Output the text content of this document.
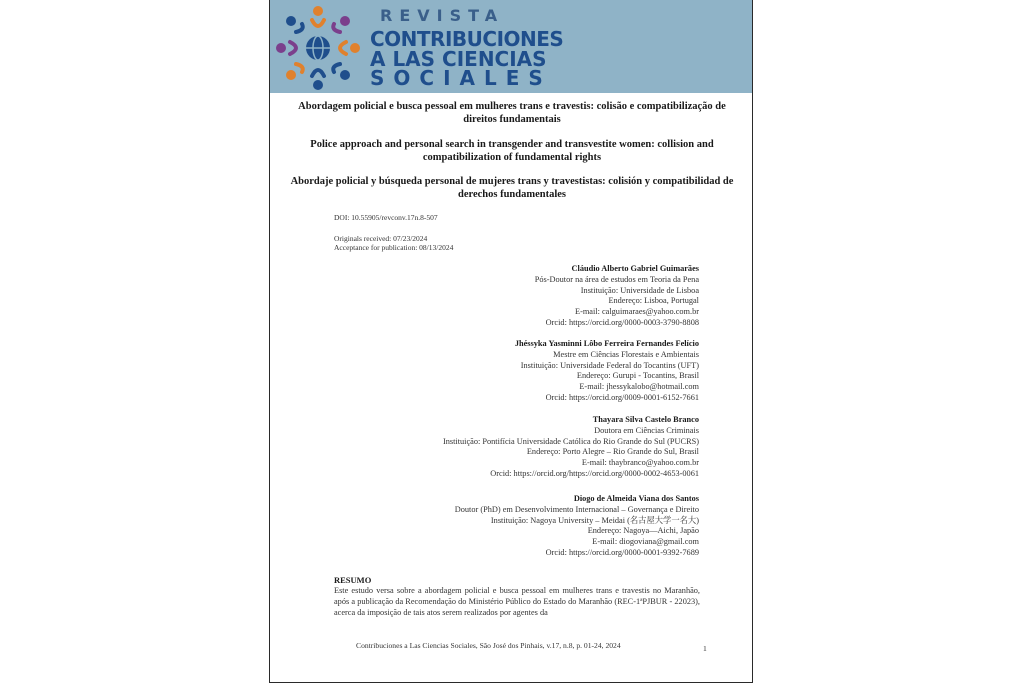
REVISTA
CONTRIBUCIONES
A LAS CIENCIAS
SOCIALES
Abordagem policial e busca pessoal em mulheres trans e travestis: colisão e compatibilização de direitos fundamentais
Police approach and personal search in transgender and transvestite women: collision and compatibilization of fundamental rights
Abordaje policial y búsqueda personal de mujeres trans y travestistas: colisión y compatibilidad de derechos fundamentales
DOI: 10.55905/revconv.17n.8-507
Originals received: 07/23/2024
Acceptance for publication: 08/13/2024
Cláudio Alberto Gabriel Guimarães
Pós-Doutor na área de estudos em Teoria da Pena
Instituição: Universidade de Lisboa
Endereço: Lisboa, Portugal
E-mail: calguimaraes@yahoo.com.br
Orcid: https://orcid.org/0000-0003-3790-8808
Jhéssyka Yasminni Lôbo Ferreira Fernandes Felício
Mestre em Ciências Florestais e Ambientais
Instituição: Universidade Federal do Tocantins (UFT)
Endereço: Gurupi - Tocantins, Brasil
E-mail: jhessykalobo@hotmail.com
Orcid: https://orcid.org/0009-0001-6152-7661
Thayara Silva Castelo Branco
Doutora em Ciências Criminais
Instituição: Pontifícia Universidade Católica do Rio Grande do Sul (PUCRS)
Endereço: Porto Alegre – Rio Grande do Sul, Brasil
E-mail: thaybranco@yahoo.com.br
Orcid: https://orcid.org/https://orcid.org/0000-0002-4653-0061
Diogo de Almeida Viana dos Santos
Doutor (PhD) em Desenvolvimento Internacional – Governança e Direito
Instituição: Nagoya University – Meidai (名古屋大学一名大)
Endereço: Nagoya—Aichi, Japão
E-mail: diogoviana@gmail.com
Orcid: https://orcid.org/0000-0001-9392-7689
RESUMO
Este estudo versa sobre a abordagem policial e busca pessoal em mulheres trans e travestis no Maranhão, após a publicação da Recomendação do Ministério Público do Estado do Maranhão (REC-1ªPJBUR - 22023), acerca da imposição de tais atos serem realizados por agentes da
Contribuciones a Las Ciencias Sociales, São José dos Pinhais, v.17, n.8, p. 01-24, 2024	1
